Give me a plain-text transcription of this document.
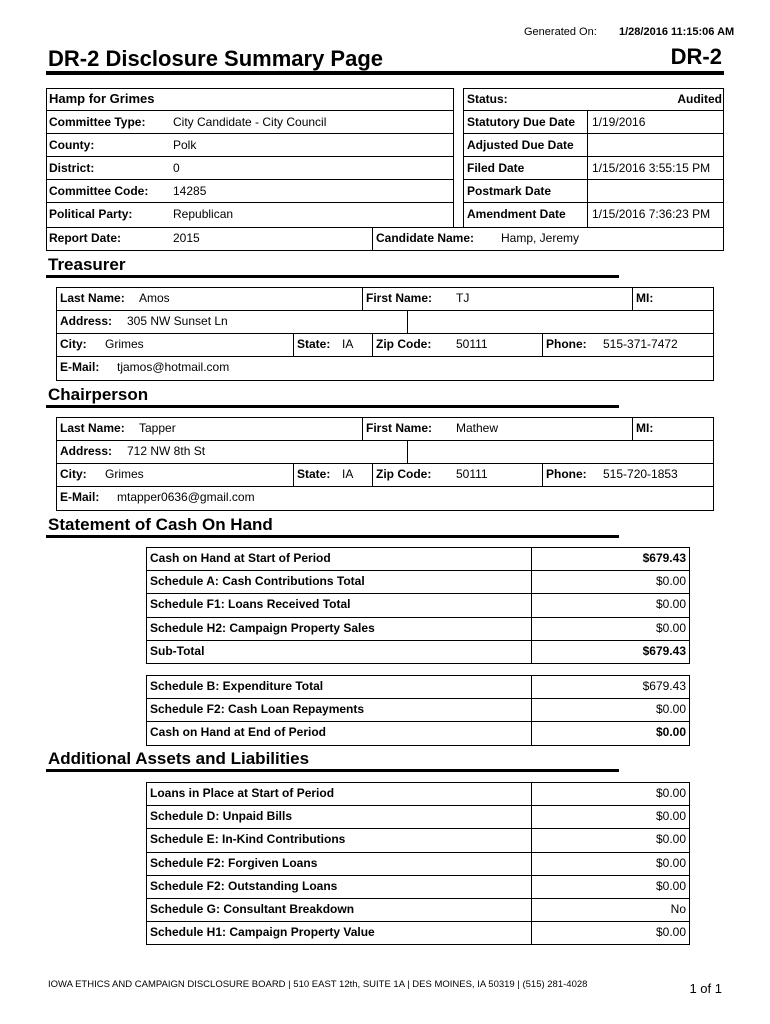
Generated On: 1/28/2016 11:15:06 AM
DR-2 Disclosure Summary Page	DR-2
Hamp for Grimes
Committee Type: City Candidate - City Council
County:	Polk
District:	0
Committee Code: 14285
Political Party:	Republican
Report Date:	2015	Candidate Name: Hamp, Jeremy
Status:	Audited
Statutory Due Date 1/19/2016
Adjusted Due Date
Filed Date	1/15/2016 3:55:15 PM
Postmark Date
Amendment Date 1/15/2016 7:36:23 PM
Treasurer
Last Name: Amos	First Name: TJ	MI:
Address: 305 NW Sunset Ln
City: Grimes	State: IA Zip Code: 50111	Phone: 515-371-7472
E-Mail: tjamos@hotmail.com
Chairperson
Last Name: Tapper	First Name: Mathew	MI:
Address: 712 NW 8th St
City: Grimes	State: IA Zip Code: 50111	Phone: 515-720-1853
E-Mail: mtapper0636@gmail.com
Statement of Cash On Hand
Cash on Hand at Start of Period	$679.43
Schedule A: Cash Contributions Total	$0.00
Schedule F1: Loans Received Total	$0.00
Schedule H2: Campaign Property Sales	$0.00
Sub-Total	$679.43
Schedule B: Expenditure Total	$679.43
Schedule F2: Cash Loan Repayments	$0.00
Cash on Hand at End of Period	$0.00
Additional Assets and Liabilities
Loans in Place at Start of Period	$0.00
Schedule D: Unpaid Bills	$0.00
Schedule E: In-Kind Contributions	$0.00
Schedule F2: Forgiven Loans	$0.00
Schedule F2: Outstanding Loans	$0.00
Schedule G: Consultant Breakdown	No
Schedule H1: Campaign Property Value	$0.00
IOWA ETHICS AND CAMPAIGN DISCLOSURE BOARD | 510 EAST 12th, SUITE 1A | DES MOINES, IA 50319 | (515) 281-4028	1 of 1
